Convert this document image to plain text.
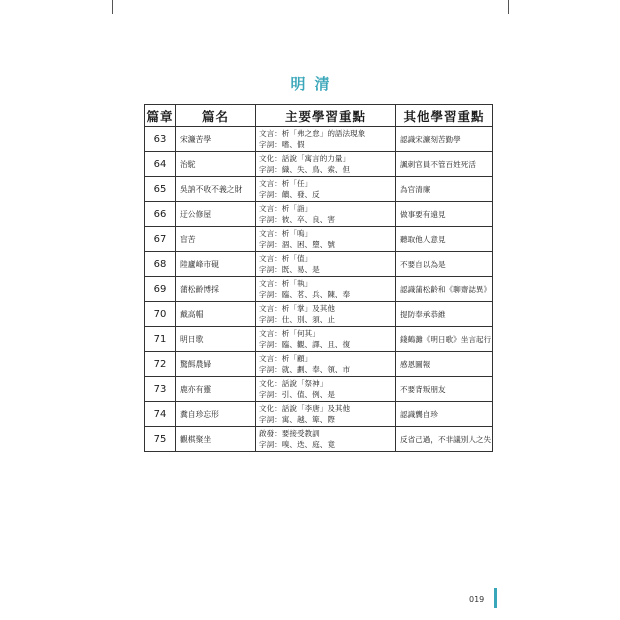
明清
篇章	篇名	主要學習重點	其他學習重點
63	宋濂苦學	文言：析「弗之怠」的語法現象
字詞：嗜、假	認識宋濂刻苦勤學
64	治駝	文化：話說「寓言的力量」
字詞：織、失、鳥、索、但	諷刺官員不管百姓死活
65	吳訥不收不義之財	文言：析「任」
字詞：饋、發、反	為官清廉
66	迂公修屋	文言：析「詣」
字詞：彼、卒、良、害	做事要有遠見
67	盲苦	文言：析「嗚」
字詞：涸、困、墮、號	聽取他人意見
68	陸廬峰市硯	文言：析「值」
字詞：既、易、是	不要自以為是
69	蒲松齡博採	文言：析「執」
字詞：臨、茗、兵、陳、奉	認識蒲松齡和《聊齋誌異》
70	戴高帽	文言：析「掌」及其他
字詞：仕、別、須、止	提防奉承恭維
71	明日歌	文言：析「何其」
字詞：臨、觀、譯、且、復	錢鶴灘《明日歌》坐言起行
72	驚餌農婦	文言：析「顧」
字詞：就、劃、奉、領、市	感恩圖報
73	鹿亦有靈	文化：話說「祭神」
字詞：引、值、例、是	不要背叛朋友
74	糞自珍忘形	文化：話說「李唐」及其他
字詞：寓、越、箄、際	認識龔自珍
75	觀棋聚坐	啟發：要接受教訓
字詞：嗅、迭、庭、竟	反省己過，不非議別人之失
019
